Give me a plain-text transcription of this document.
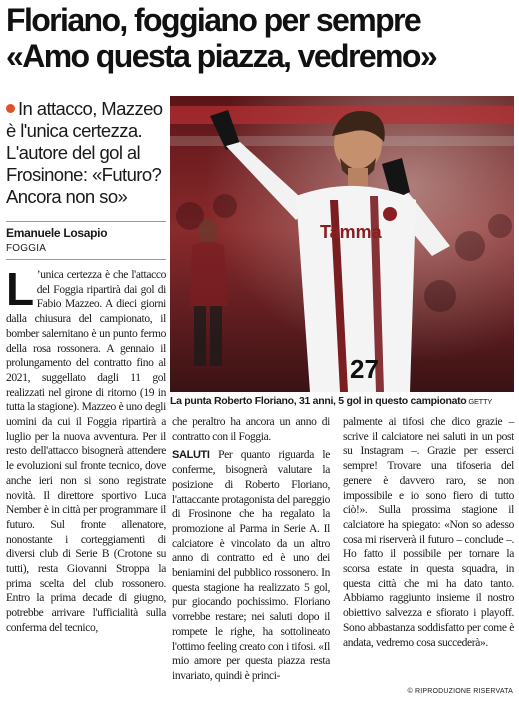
Floriano, foggiano per sempre
«Amo questa piazza, vedremo»
In attacco, Mazzeo è l'unica certezza. L'autore del gol al Frosinone: «Futuro? Ancora non so»
Emanuele Losapio
FOGGIA
Tamma
27
La punta Roberto Floriano, 31 anni, 5 gol in questo campionato GETTY
L ’unica certezza è che l'attacco del Foggia ripartirà dai gol di Fabio Mazzeo. A dieci giorni dalla chiusura del campionato, il bomber salernitano è un punto fermo della rosa rossonera. A gennaio il prolungamento del contratto fino al 2021, suggellato dagli 11 gol realizzati nel girone di ritorno (19 in tutta la stagione). Mazzeo è uno degli uomini da cui il Foggia ripartirà a luglio per la nuova avventura. Per il resto dell'attacco bisognerà attendere le evoluzioni sul fronte tecnico, dove anche ieri non si sono registrate novità. Il direttore sportivo Luca Nember è in città per programmare il futuro. Sul fronte allenatore, nonostante i corteggiamenti di diversi club di Serie B (Crotone su tutti), resta Giovanni Stroppa la prima scelta del club rossonero. Entro la prima decade di giugno, potrebbe arrivare l'ufficialità sulla conferma del tecnico,

che peraltro ha ancora un anno di contratto con il Foggia.

SALUTI Per quanto riguarda le conferme, bisognerà valutare la posizione di Roberto Floriano, l'attaccante protagonista del pareggio di Frosinone che ha regalato la promozione al Parma in Serie A. Il calciatore è vincolato da un altro anno di contratto ed è uno dei beniamini del pubblico rossonero. In questa stagione ha realizzato 5 gol, pur giocando pochissimo. Floriano vorrebbe restare; nei saluti dopo il rompete le righe, ha sottolineato l'ottimo feeling creato con i tifosi. «Il mio amore per questa piazza resta invariato, quindi è princi-

palmente ai tifosi che dico grazie – scrive il calciatore nei saluti in un post su Instagram –. Grazie per esserci sempre! Trovare una tifoseria del genere è davvero raro, se non impossibile e io sono fiero di tutto ciò!». Sulla prossima stagione il calciatore ha spiegato: «Non so adesso cosa mi riserverà il futuro – conclude –. Ho fatto il possibile per tornare la scorsa estate in questa squadra, in questa città che mi ha dato tanto. Abbiamo raggiunto insieme il nostro obiettivo salvezza e sfiorato i playoff. Sono abbastanza soddisfatto per come è andata, vedremo cosa succederà».

© RIPRODUZIONE RISERVATA
